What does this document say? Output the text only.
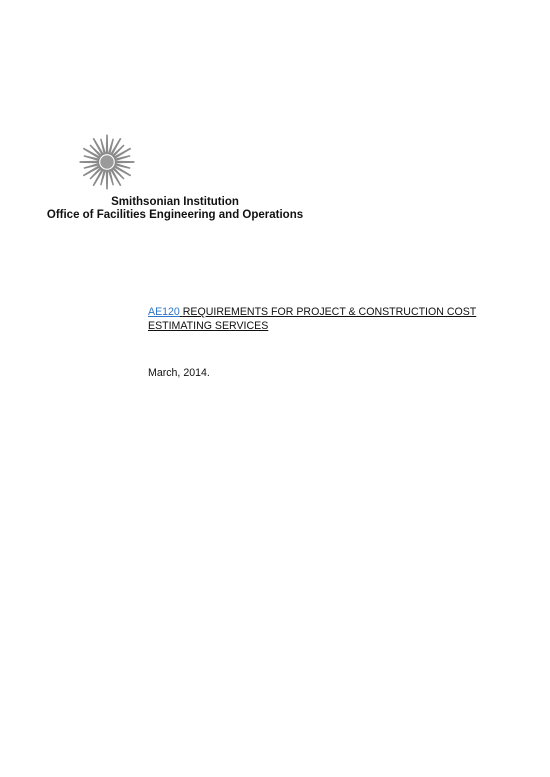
Smithsonian Institution
Office of Facilities Engineering and Operations
AE120 REQUIREMENTS FOR PROJECT & CONSTRUCTION COST
ESTIMATING SERVICES
March, 2014.
